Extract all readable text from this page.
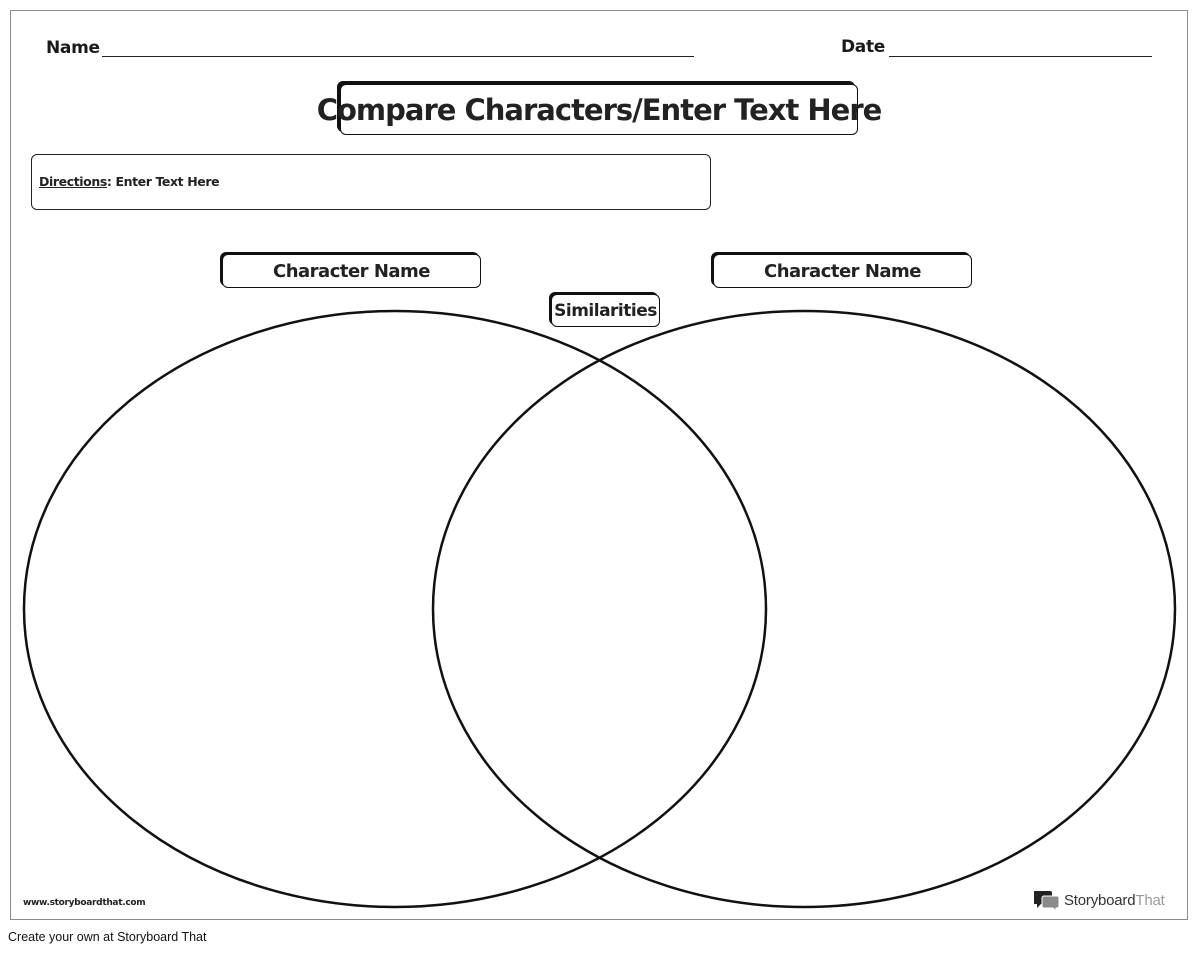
Name	Date
Compare Characters/Enter Text Here
Directions: Enter Text Here
Character Name	Character Name
Similarities
www.storyboardthat.com	StoryboardThat
Create your own at Storyboard That
